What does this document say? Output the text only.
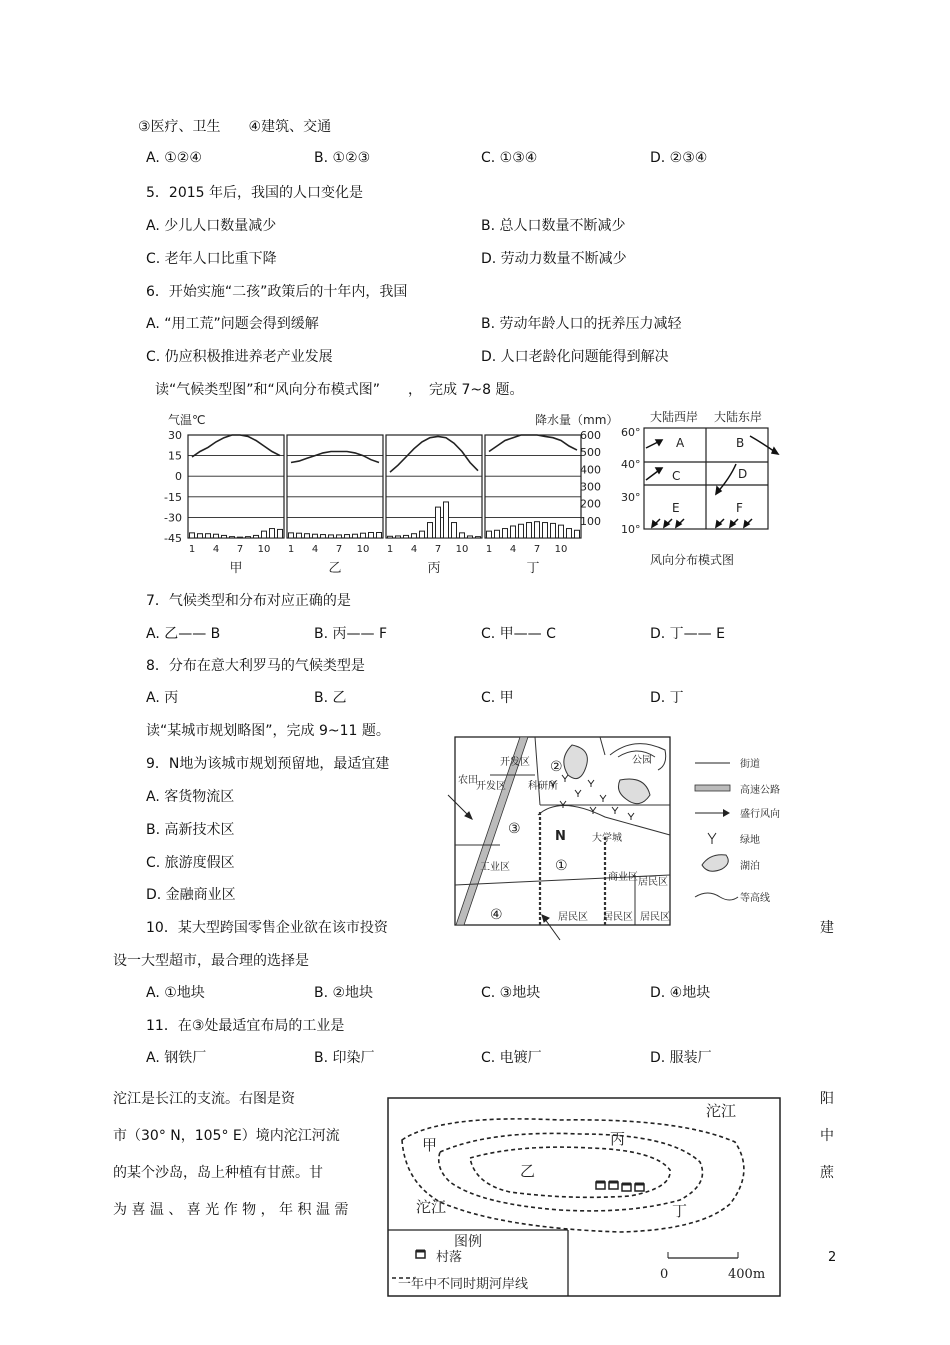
③医疗、卫生　　④建筑、交通
A. ①②④	B. ①②③	C. ①③④	D. ②③④
5．2015 年后，我国的人口变化是
A. 少儿人口数量减少	B. 总人口数量不断减少
C. 老年人口比重下降	D. 劳动力数量不断减少
6．开始实施“二孩”政策后的十年内，我国
A. “用工荒”问题会得到缓解	B. 劳动年龄人口的抚养压力减轻
C. 仍应积极推进养老产业发展	D. 人口老龄化问题能得到解决
读“气候类型图”和“风向分布模式图”　　，　完成 7~8 题。
气温℃	降水量（mm）
30
15
0
-15
-30
-45
600
500
400
300
200
100
1 4 7 10
甲
1 4 7 10
乙
1 4 7 10
丙
1 4 7 10
丁
大陆西岸 大陆东岸
60°
40°
30°
10°
A	B
C	D
E	F
风向分布模式图
7．气候类型和分布对应正确的是
A. 乙—— B	B. 丙—— F	C. 甲—— C	D. 丁—— E
8．分布在意大利罗马的气候类型是
A. 丙	B. 乙	C. 甲	D. 丁
读“某城市规划略图”，完成 9~11 题。
9．N地为该城市规划预留地，最适宜建
A. 客货物流区
B. 高新技术区
C. 旅游度假区
D. 金融商业区
开发区
开发区 科研所
公园
大学城
工业区
商业区 居民区
居民区 居民区 居民区
农田
N
①
②
③
④
街道
高速公路
盛行风向
绿地
湖泊
等高线
10．某大型跨国零售企业欲在该市投资	建
设一大型超市，最合理的选择是
A. ①地块	B. ②地块	C. ③地块	D. ④地块
11．在③处最适宜布局的工业是
A. 钢铁厂	B. 印染厂	C. 电镀厂	D. 服装厂
沱江是长江的支流。右图是资
市（30° N，105° E）境内沱江河流
的某个沙岛，岛上种植有甘蔗。甘
为 喜 温 、 喜 光 作 物 ， 年 积 温 需
阳
中
蔗
沱江
沱江
甲
乙
丙
丁
图例
村落
一年中不同时期河岸线
0	400m
2
